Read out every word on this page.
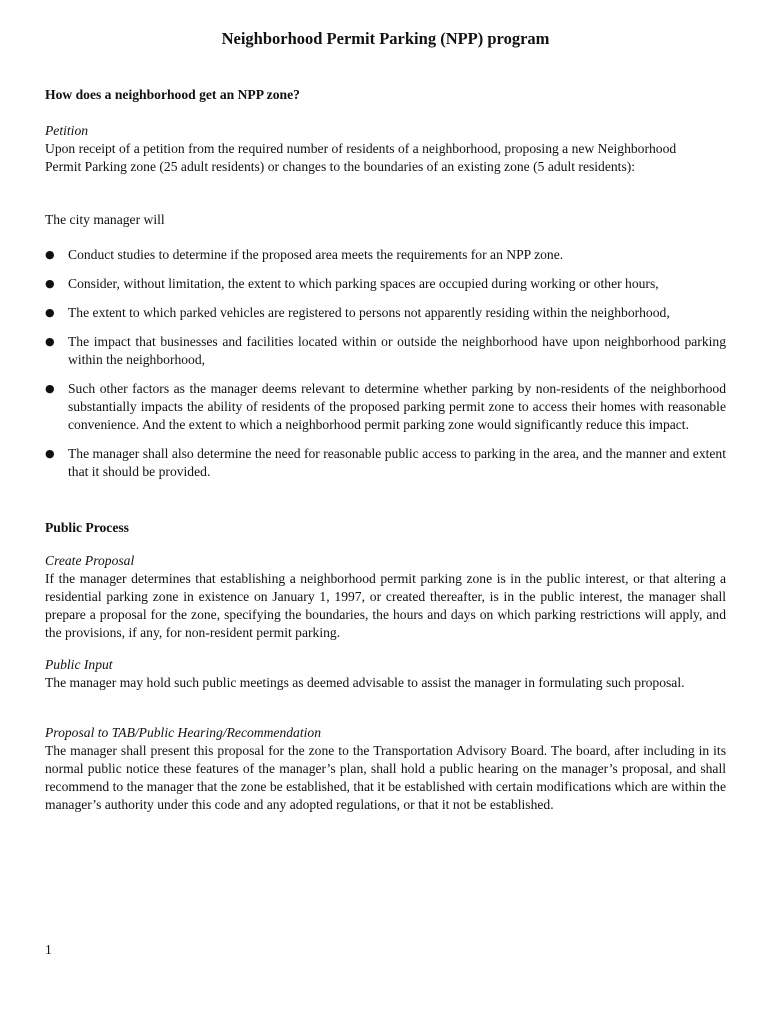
Neighborhood Permit Parking (NPP) program
How does a neighborhood get an NPP zone?
Petition
Upon receipt of a petition from the required number of residents of a neighborhood, proposing a new Neighborhood Permit Parking zone (25 adult residents) or changes to the boundaries of an existing zone (5 adult residents):
The city manager will
● Conduct studies to determine if the proposed area meets the requirements for an NPP zone.
● Consider, without limitation, the extent to which parking spaces are occupied during working or other hours,
● The extent to which parked vehicles are registered to persons not apparently residing within the neighborhood,
● The impact that businesses and facilities located within or outside the neighborhood have upon neighborhood parking within the neighborhood,
● Such other factors as the manager deems relevant to determine whether parking by non-residents of the neighborhood substantially impacts the ability of residents of the proposed parking permit zone to access their homes with reasonable convenience. And the extent to which a neighborhood permit parking zone would significantly reduce this impact.
● The manager shall also determine the need for reasonable public access to parking in the area, and the manner and extent that it should be provided.
Public Process
Create Proposal
If the manager determines that establishing a neighborhood permit parking zone is in the public interest, or that altering a residential parking zone in existence on January 1, 1997, or created thereafter, is in the public interest, the manager shall prepare a proposal for the zone, specifying the boundaries, the hours and days on which parking restrictions will apply, and the provisions, if any, for non-resident permit parking.
Public Input
The manager may hold such public meetings as deemed advisable to assist the manager in formulating such proposal.
Proposal to TAB/Public Hearing/Recommendation
The manager shall present this proposal for the zone to the Transportation Advisory Board. The board, after including in its normal public notice these features of the manager’s plan, shall hold a public hearing on the manager’s proposal, and shall recommend to the manager that the zone be established, that it be established with certain modifications which are within the manager’s authority under this code and any adopted regulations, or that it not be established.
1
